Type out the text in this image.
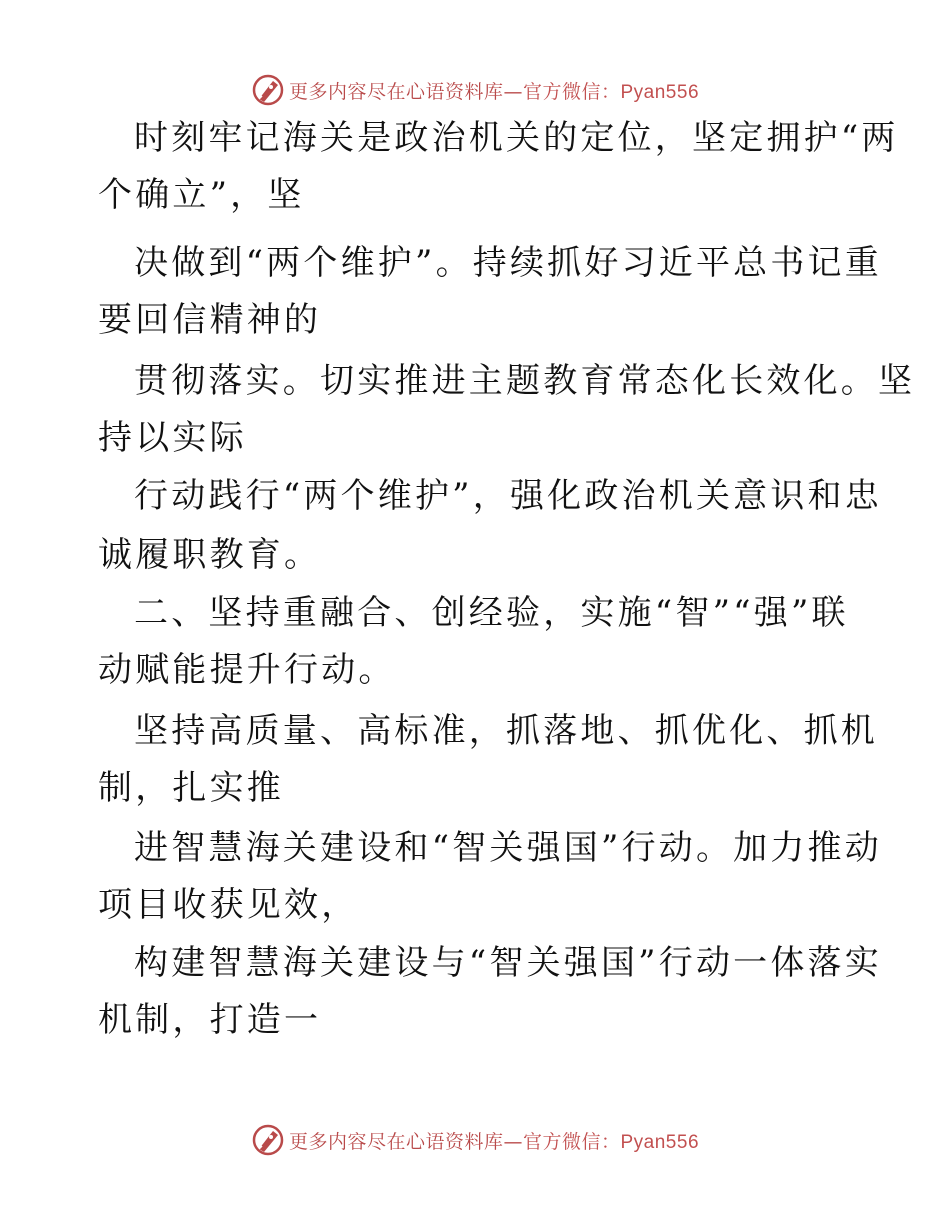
更多内容尽在心语资料库—官方微信：Pyan556
时刻牢记海关是政治机关的定位，坚定拥护“两
个确立”，坚
决做到“两个维护”。持续抓好习近平总书记重
要回信精神的
贯彻落实。切实推进主题教育常态化长效化。坚
持以实际
行动践行“两个维护”，强化政治机关意识和忠
诚履职教育。
二、坚持重融合、创经验，实施“智”“强”联
动赋能提升行动。
坚持高质量、高标准，抓落地、抓优化、抓机
制，扎实推
进智慧海关建设和“智关强国”行动。加力推动
项目收获见效，
构建智慧海关建设与“智关强国”行动一体落实
机制，打造一
更多内容尽在心语资料库—官方微信：Pyan556
